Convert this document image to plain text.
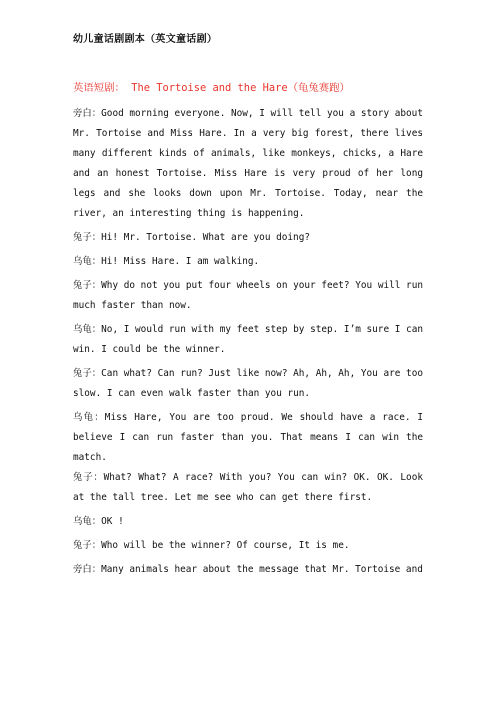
幼儿童话剧剧本（英文童话剧）
英语短剧： The Tortoise and the Hare（龟兔赛跑）

旁白：Good morning everyone. Now, I will tell you a story about Mr. Tortoise and Miss Hare. In a very big forest, there lives many different kinds of animals, like monkeys, chicks, a Hare and an honest Tortoise. Miss Hare is very proud of her long legs and she looks down upon Mr. Tortoise. Today, near the river, an interesting thing is happening.

兔子：Hi! Mr. Tortoise. What are you doing?

乌龟：Hi! Miss Hare. I am walking.

兔子：Why do not you put four wheels on your feet? You will run much faster than now.

乌龟：No, I would run with my feet step by step. I’m sure I can win. I could be the winner.

兔子：Can what? Can run? Just like now? Ah, Ah, Ah, You are too slow. I can even walk faster than you run.

乌龟：Miss Hare, You are too proud. We should have a race. I believe I can run faster than you. That means I can win the match.

兔子：What? What? A race? With you? You can win? OK. OK. Look at the tall tree. Let me see who can get there first.

乌龟：OK !

兔子：Who will be the winner? Of course, It is me.

旁白：Many animals hear about the message that Mr. Tortoise and
